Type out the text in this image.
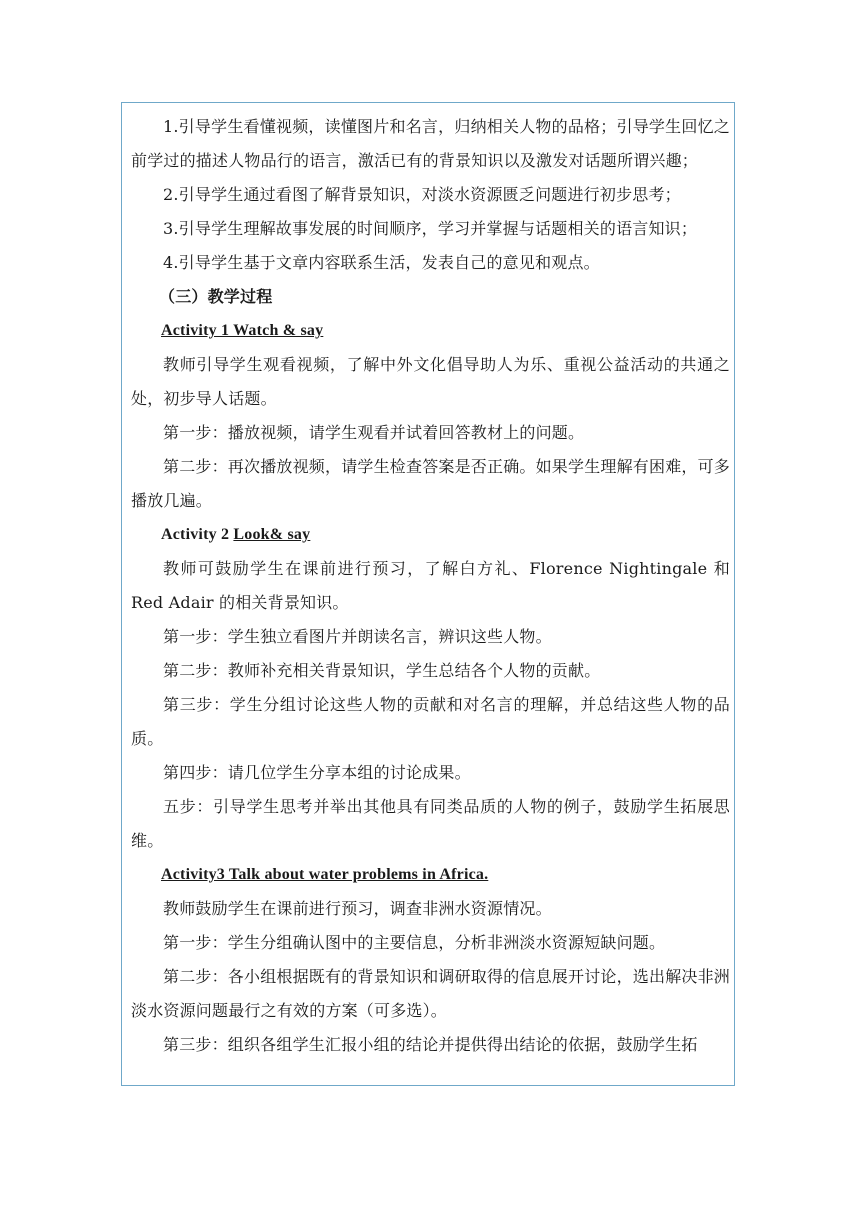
1.引导学生看懂视频，读懂图片和名言，归纳相关人物的品格；引导学生回忆之前学过的描述人物品行的语言，激活已有的背景知识以及激发对话题所谓兴趣；

2.引导学生通过看图了解背景知识，对淡水资源匮乏问题进行初步思考；

3.引导学生理解故事发展的时间顺序，学习并掌握与话题相关的语言知识；

4.引导学生基于文章内容联系生活，发表自己的意见和观点。

（三）教学过程

Activity 1 Watch & say

教师引导学生观看视频，了解中外文化倡导助人为乐、重视公益活动的共通之处，初步导人话题。

第一步：播放视频，请学生观看并试着回答教材上的问题。

第二步：再次播放视频，请学生检查答案是否正确。如果学生理解有困难，可多播放几遍。

Activity 2 Look& say

教师可鼓励学生在课前进行预习，了解白方礼、Florence Nightingale 和 Red Adair 的相关背景知识。

第一步：学生独立看图片并朗读名言，辨识这些人物。

第二步：教师补充相关背景知识，学生总结各个人物的贡献。

第三步：学生分组讨论这些人物的贡献和对名言的理解，并总结这些人物的品质。

第四步：请几位学生分享本组的讨论成果。

五步：引导学生思考并举出其他具有同类品质的人物的例子，鼓励学生拓展思维。

Activity3 Talk about water problems in Africa.

教师鼓励学生在课前进行预习，调查非洲水资源情况。

第一步：学生分组确认图中的主要信息，分析非洲淡水资源短缺问题。

第二步：各小组根据既有的背景知识和调研取得的信息展开讨论，选出解决非洲淡水资源问题最行之有效的方案（可多选）。

第三步：组织各组学生汇报小组的结论并提供得出结论的依据，鼓励学生拓
